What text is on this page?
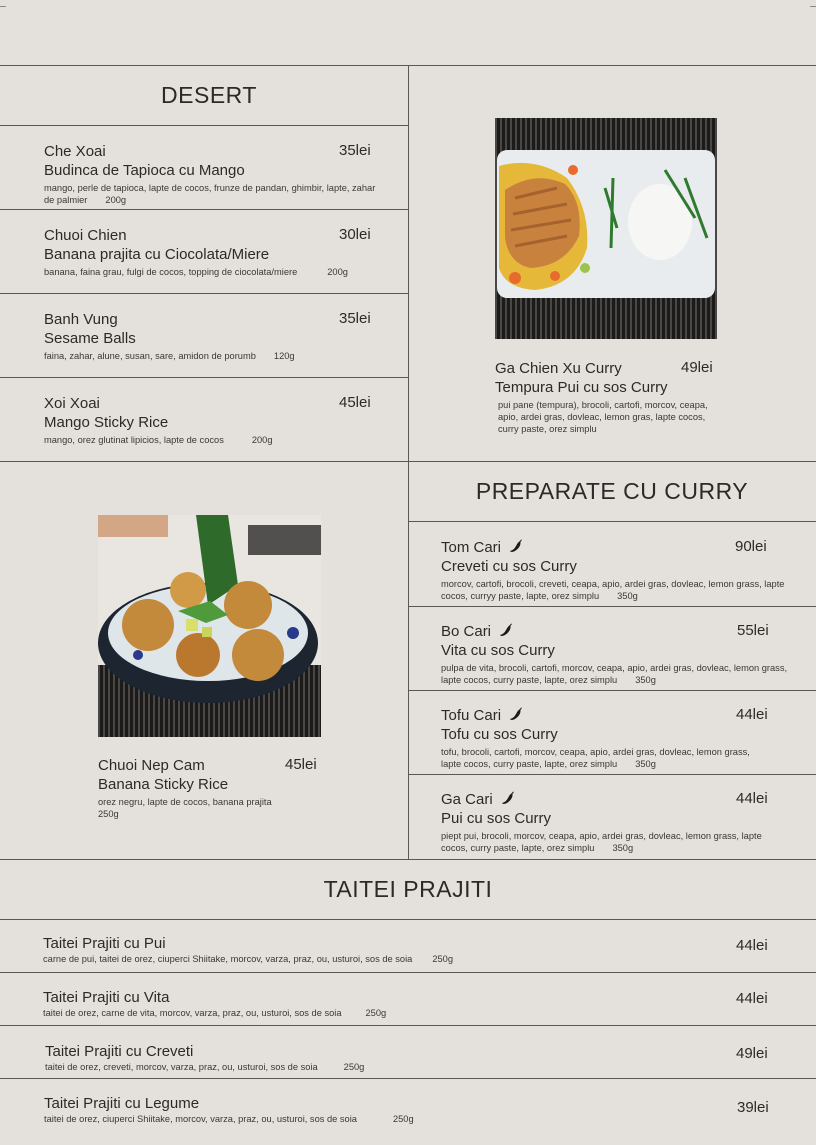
DESERT
PREPARATE CU CURRY
TAITEI PRAJITI
Che Xoai
Budinca de Tapioca cu Mango
mango, perle de tapioca, lapte de cocos, frunze de pandan, ghimbir, lapte, zahar de palmier 200g
35lei
Chuoi Chien
Banana prajita cu Ciocolata/Miere
banana, faina grau, fulgi de cocos, topping de ciocolata/miere	200g
30lei
Banh Vung
Sesame Balls
faina, zahar, alune, susan, sare, amidon de porumb 120g
35lei
Xoi Xoai
Mango Sticky Rice
mango, orez glutinat lipicios, lapte de cocos	200g
45lei
Ga Chien Xu Curry
Tempura Pui cu sos Curry
pui pane (tempura), brocoli, cartofi, morcov, ceapa, apio, ardei gras, dovleac, lemon gras, lapte cocos, curry paste, orez simplu
49lei
Chuoi Nep Cam
Banana Sticky Rice
orez negru, lapte de cocos, banana prajita
250g
45lei
Tom Cari
Creveti cu sos Curry
morcov, cartofi, brocoli, creveti, ceapa, apio, ardei gras, dovleac, lemon grass, lapte cocos, curryy paste, lapte, orez simplu 350g
90lei
Bo Cari
Vita cu sos Curry
pulpa de vita, brocoli, cartofi, morcov, ceapa, apio, ardei gras, dovleac, lemon grass, lapte cocos, curry paste, lapte, orez simplu 350g
55lei
Tofu Cari
Tofu cu sos Curry
tofu, brocoli, cartofi, morcov, ceapa, apio, ardei gras, dovleac, lemon grass, lapte cocos, curry paste, lapte, orez simplu 350g
44lei
Ga Cari
Pui cu sos Curry
piept pui, brocoli, morcov, ceapa, apio, ardei gras, dovleac, lemon grass, lapte cocos, curry paste, lapte, orez simplu 350g
44lei
Taitei Prajiti cu Pui
carne de pui, taitei de orez, ciuperci Shiitake, morcov, varza, praz, ou, usturoi, sos de soia 250g
44lei
Taitei Prajiti cu Vita
taitei de orez, carne de vita, morcov, varza, praz, ou, usturoi, sos de soia	250g
44lei
Taitei Prajiti cu Creveti
taitei de orez, creveti, morcov, varza, praz, ou, usturoi, sos de soia	250g
49lei
Taitei Prajiti cu Legume
taitei de orez, ciuperci Shiitake, morcov, varza, praz, ou, usturoi, sos de soia	250g
39lei
